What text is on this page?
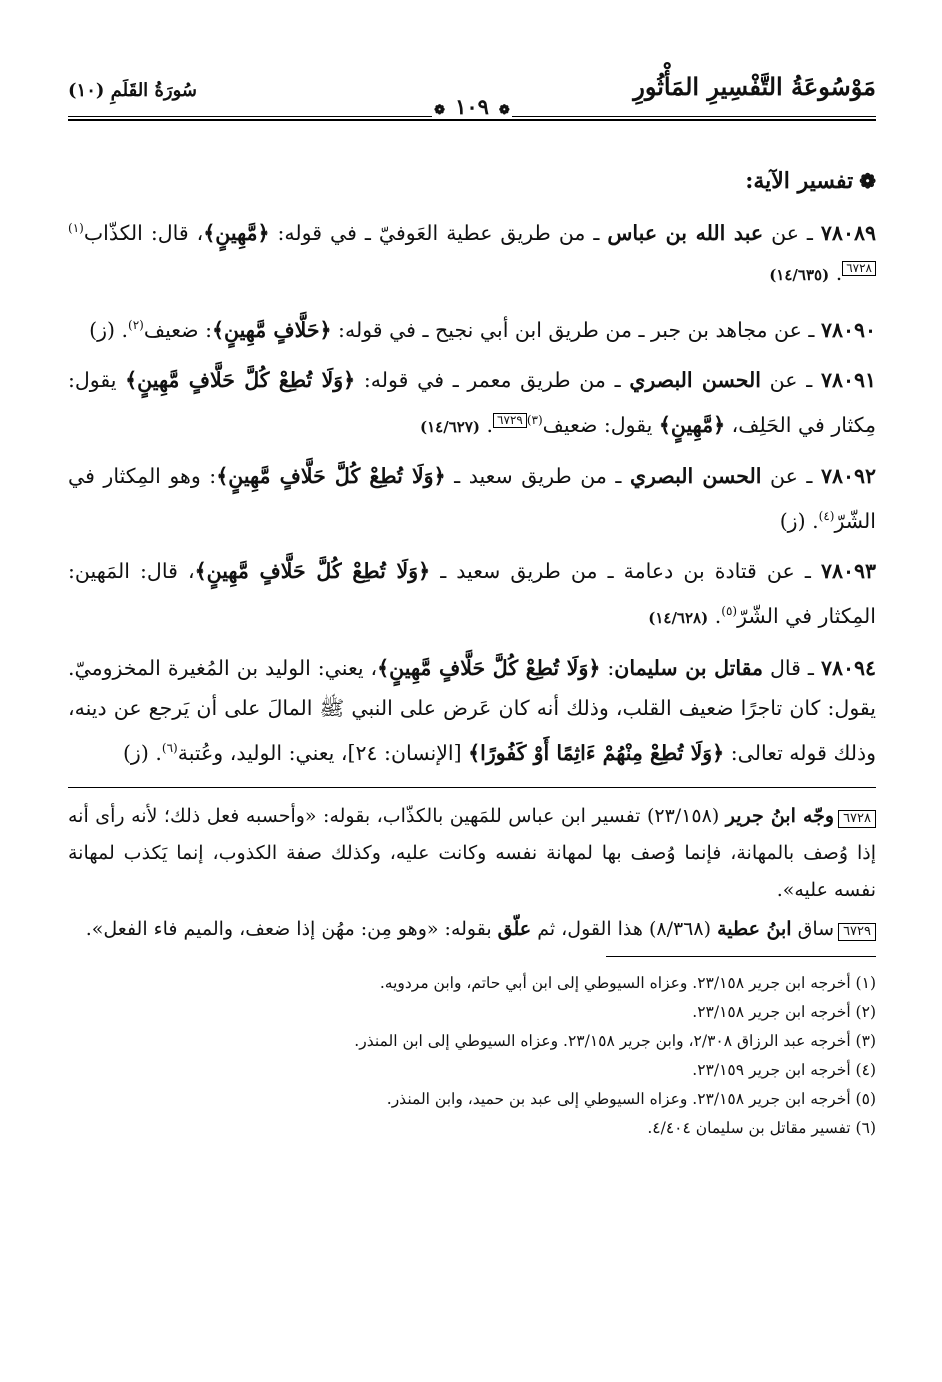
مَوْسُوعَةُ التَّفْسِيرِ المَأْثُورِ
سُورَةُ القَلَمِ (١٠)
❁١٠٩❁
❁تفسير الآية:
٧٨٠٨٩ ـ عن عبد الله بن عباس ـ من طريق عطية العَوفيّ ـ في قوله: ﴿مَّهِينٍ﴾، قال: الكذّاب$^{(١)}$٦٧٢٨. (١٤/٦٣٥)
٧٨٠٩٠ ـ عن مجاهد بن جبر ـ من طريق ابن أبي نجيح ـ في قوله: ﴿حَلَّافٍ مَّهِينٍ﴾: ضعيف$^{(٢)}$. (ز)
٧٨٠٩١ ـ عن الحسن البصري ـ من طريق معمر ـ في قوله: ﴿وَلَا تُطِعْ كُلَّ حَلَّافٍ مَّهِينٍ﴾ يقول: مِكثار في الحَلِف، ﴿مَّهِينٍ﴾ يقول: ضعيف$^{(٣)}$٦٧٢٩. (١٤/٦٢٧)
٧٨٠٩٢ ـ عن الحسن البصري ـ من طريق سعيد ـ ﴿وَلَا تُطِعْ كُلَّ حَلَّافٍ مَّهِينٍ﴾: وهو المِكثار في الشّرّ$^{(٤)}$. (ز)
٧٨٠٩٣ ـ عن قتادة بن دعامة ـ من طريق سعيد ـ ﴿وَلَا تُطِعْ كُلَّ حَلَّافٍ مَّهِينٍ﴾، قال: المَهين: المِكثار في الشّرّ$^{(٥)}$. (١٤/٦٢٨)
٧٨٠٩٤ ـ قال مقاتل بن سليمان: ﴿وَلَا تُطِعْ كُلَّ حَلَّافٍ مَّهِينٍ﴾، يعني: الوليد بن المُغيرة المخزوميّ. يقول: كان تاجرًا ضعيف القلب، وذلك أنه كان عَرض على النبي ﷺ المالَ على أن يَرجع عن دينه، وذلك قوله تعالى: ﴿وَلَا تُطِعْ مِنْهُمْ ءَاثِمًا أَوْ كَفُورًا﴾ [الإنسان: ٢٤]، يعني: الوليد، وعُتبة$^{(٦)}$. (ز)
٦٧٢٨وجّه ابنُ جرير (٢٣/١٥٨) تفسير ابن عباس للمَهين بالكذّاب، بقوله: «وأحسبه فعل ذلك؛ لأنه رأى أنه إذا وُصف بالمهانة، فإنما وُصف بها لمهانة نفسه وكانت عليه، وكذلك صفة الكذوب، إنما يَكذب لمهانة نفسه عليه».
٦٧٢٩ساق ابنُ عطية (٨/٣٦٨) هذا القول، ثم علّق بقوله: «وهو مِن: مهُن إذا ضعف، والميم فاء الفعل».
(١) أخرجه ابن جرير ٢٣/١٥٨. وعزاه السيوطي إلى ابن أبي حاتم، وابن مردويه.
(٢) أخرجه ابن جرير ٢٣/١٥٨.
(٣) أخرجه عبد الرزاق ٢/٣٠٨، وابن جرير ٢٣/١٥٨. وعزاه السيوطي إلى ابن المنذر.
(٤) أخرجه ابن جرير ٢٣/١٥٩.
(٥) أخرجه ابن جرير ٢٣/١٥٨. وعزاه السيوطي إلى عبد بن حميد، وابن المنذر.
(٦) تفسير مقاتل بن سليمان ٤/٤٠٤.
